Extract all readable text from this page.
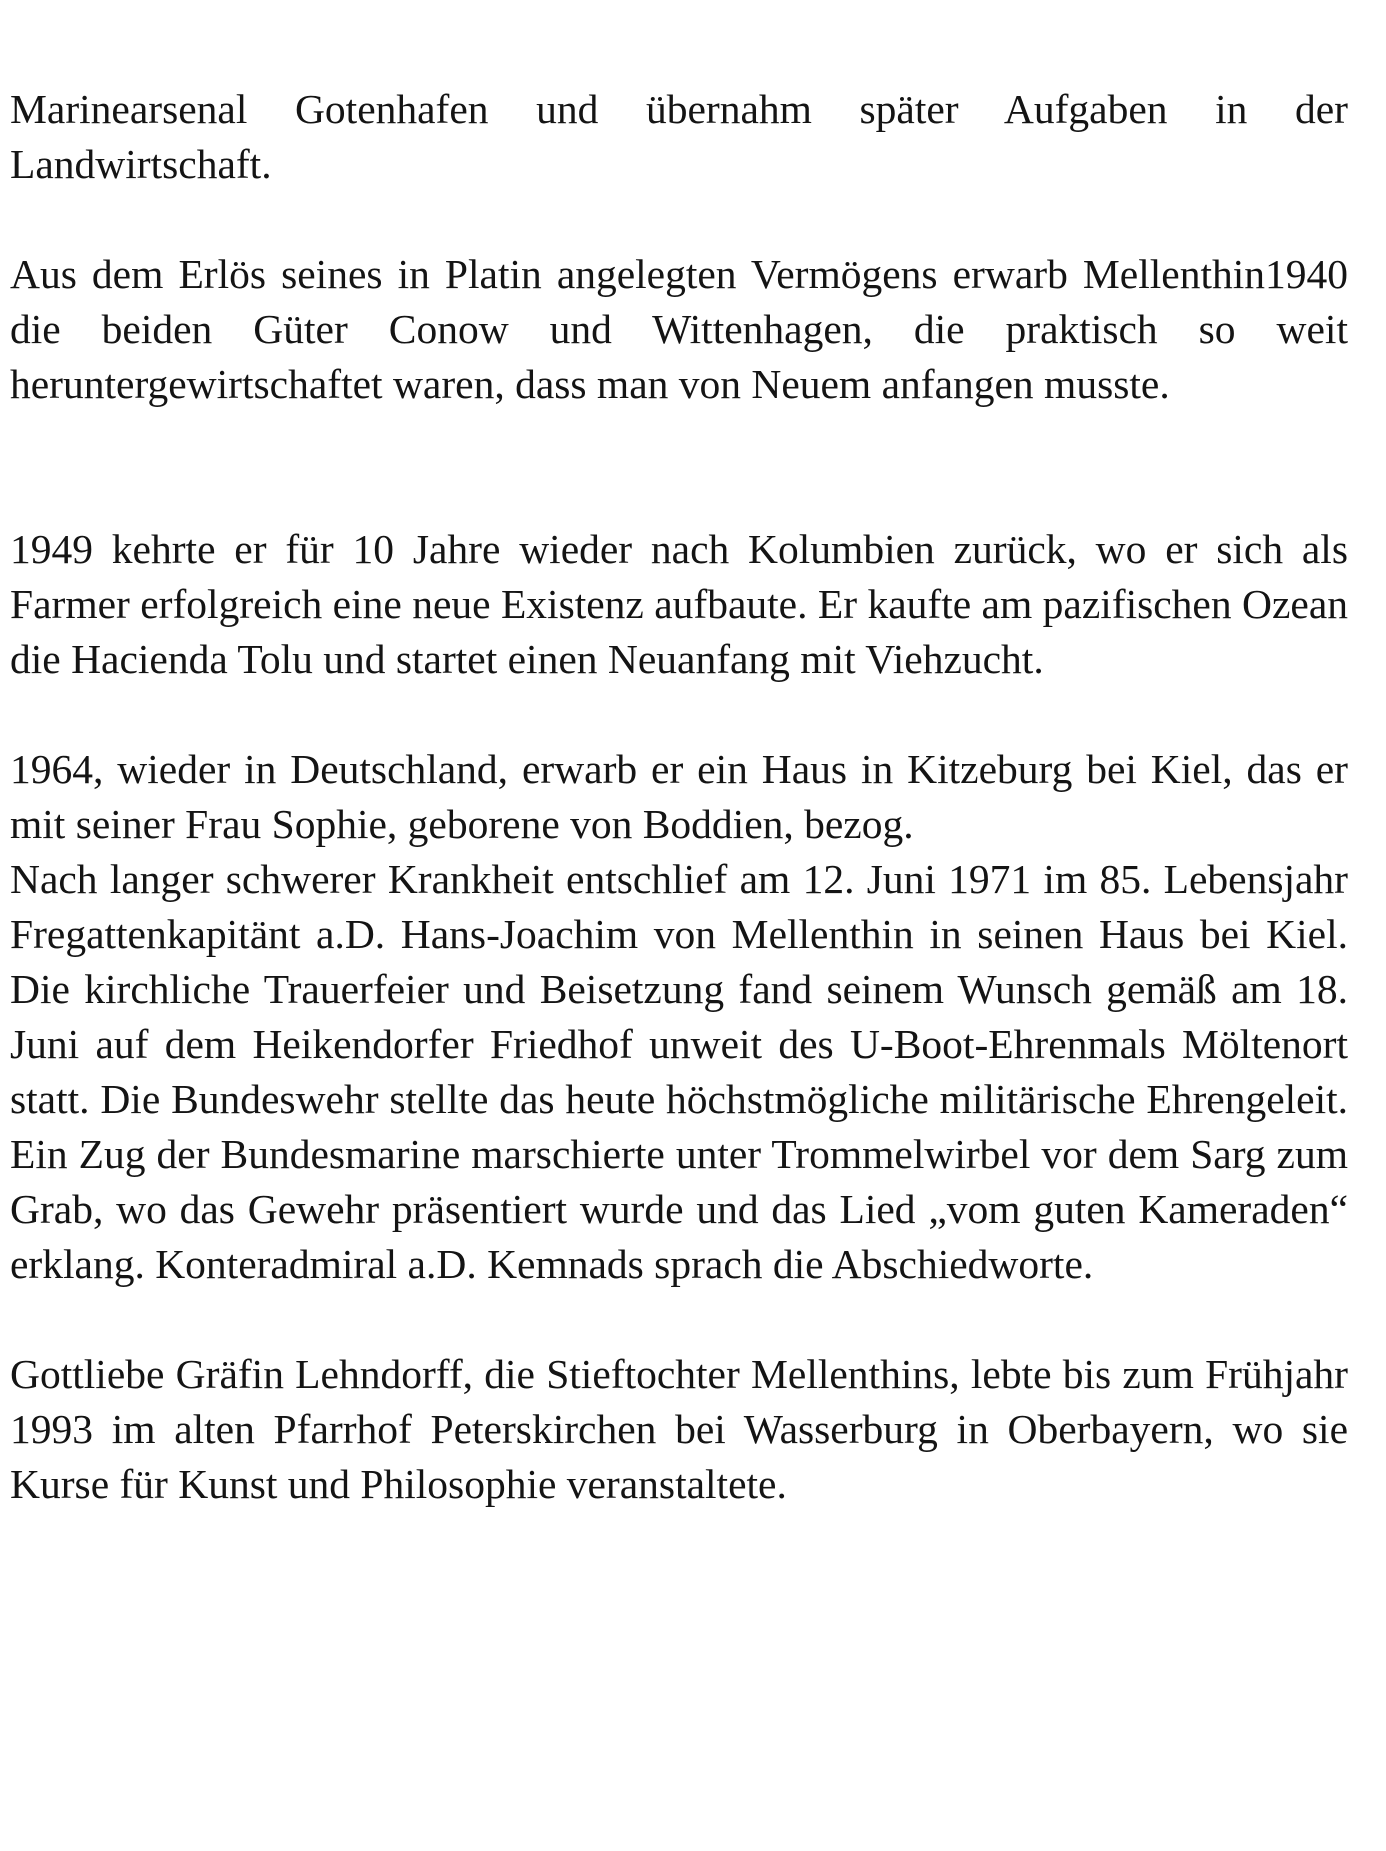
Marinearsenal Gotenhafen und übernahm später Aufgaben in der Landwirtschaft.

Aus dem Erlös seines in Platin angelegten Vermögens erwarb Mellenthin1940 die beiden Güter Conow und Wittenhagen, die praktisch so weit heruntergewirtschaftet waren, dass man von Neuem anfangen musste.

1949 kehrte er für 10 Jahre wieder nach Kolumbien zurück, wo er sich als Farmer erfolgreich eine neue Existenz aufbaute. Er kaufte am pazifischen Ozean die Hacienda Tolu und startet einen Neuanfang mit Viehzucht.

1964, wieder in Deutschland, erwarb er ein Haus in Kitzeburg bei Kiel, das er mit seiner Frau Sophie, geborene von Boddien, bezog.

Nach langer schwerer Krankheit entschlief am 12. Juni 1971 im 85. Lebensjahr Fregattenkapitänt a.D. Hans-Joachim von Mellenthin in seinen Haus bei Kiel. Die kirchliche Trauerfeier und Beisetzung fand seinem Wunsch gemäß am 18. Juni auf dem Heikendorfer Friedhof unweit des U-Boot-Ehrenmals Möltenort statt. Die Bundeswehr stellte das heute höchstmögliche militärische Ehrengeleit. Ein Zug der Bundesmarine marschierte unter Trommelwirbel vor dem Sarg zum Grab, wo das Gewehr präsentiert wurde und das Lied „vom guten Kameraden“ erklang. Konteradmiral a.D. Kemnads sprach die Abschiedworte.

Gottliebe Gräfin Lehndorff, die Stieftochter Mellenthins, lebte bis zum Frühjahr 1993 im alten Pfarrhof Peterskirchen bei Wasserburg in Oberbayern, wo sie Kurse für Kunst und Philosophie veranstaltete.
